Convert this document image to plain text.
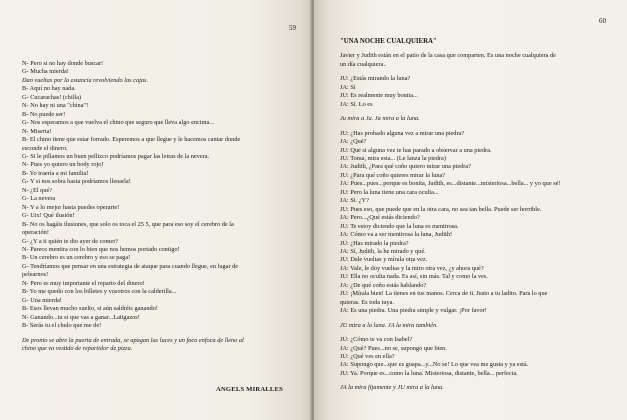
59
N- Pero si no hay donde buscar!
G- Mucha mierda!
Dan vueltas por la estancia revolviendo las cajas.
B- Aquí no hay nada.
G- Cucarachas! (chilla)
N- No hay ni una "china"!
B- No puede ser!
G- Nos esperamos a que vuelva el chino que seguro que lleva algo encima...
N- Miseria!
B- El chino tiene que estar forrado. Esperemos a que llegue y le hacemos cantar donde
esconde el dinero.
G- Si le pillamos un buen pellizco podríamos pagar las letras de la nevera.
N- Pues yo quiero un body rojo!
B- Yo traería a mi familia!
G- Y si nos sobra hasta podríamos llenarla!
N- ¿El qué?
G- La nevera
N- Y a lo mejor hasta puedes operarte!
G- Uix! Qué ilusión!
B- No os hagáis ilusiones, que solo os toca el 25 5, que para eso soy el cerebro de la
operación!
G- ¿Y a ti quién te dio ayer de comer?
N- Parece mentira con lo bien que nos hemos portado contigo!
B- Un cerebro es un cerebro y eso se paga!
G- Tendríamos que pensar en una estrategia de ataque para cuando llegue, en lugar de
pelearnos!
N- Pero es muy importante el reparto del dinero!
B- Yo me quedo con los billetes y vosotros con la calderilla...
G- Una mierda!
B- Esos llevan mucho suelto, si aún saldréis ganando!
N- Ganando...tu si que vas a ganar...Latigazos!
B- Serás tu el chulo que me de!
De pronto se abre la puerta de entrada, se apagan las luces y un foco enfoca de lleno al
chino que va vestido de repartidor de pizza.
ANGELS MIRALLES
60
"UNA NOCHE CUALQUIERA"
Javier y Judith están en el patio de la casa que comparten. Es una noche cualquiera de
un día cualquiera..
JU: ¿Estás mirando la luna?
JA: Sí
JU: Es realmente muy bonita...
JA: Sí. Lo es
Ju mira a Ja. Ja mira a la luna.
JU: ¿Has probado alguna vez a mirar una piedra?
JA: ¿Qué?
JU: Que si alguna vez te has parado a observar a una piedra.
JU: Toma, mira esta... (Le lanza la piedra)
JA: Judith, ¿Para qué coño quiero mirar una piedra?
JU: ¿Para qué coño quieres mirar la luna?
JA: Pues...pues...porque es bonita, Judith, es...distante...misteriosa...bella... y yo que sé!
JU: Pero la luna tiene una cara oculta...
JA: Si. ¿Y?
JU: Pues eso, que puede que en la otra cara, no sea tan bella. Puede ser horrible.
JA: Pero...¿Qué estás diciendo?
JU: Te estoy diciendo que la luna es mentirosa.
JA: Cómo va a ser mentirosa la luna, Judith!
JU: ¿Has mirado la piedra?
JA: Sí, Judith, la he mirado y qué.
JU: Dale vueltas y mírala otra vez.
JA: Vale, le doy vueltas y la miro otra vez, ¿y ahora qué?
JU: Ella no oculta nada. Es así, sin más. Tal y como la ves.
JA: ¿De qué coño estás hablando?
JU: ¡Mírala bien! La tienes en tus manos. Cerca de ti. Justo a tu ladito. Para lo que
quieras. Es toda tuya.
JA: Es una piedra. Una piedra simple y vulgar. ¡Por favor!
JU mira a la luna. JA la mira también.
JU: ¿Cómo te va con Isabel?
JA: ¿Qué? Pues...no se, supongo que bien.
JU: ¿Qué ves en ella?
JA: Supongo que...que es guapa...y...No se! Lo que vea me gusta y ya está.
JU: Ya. Porque es...como la luna. Misteriosa, distante, bella... perfecta.
JA la mira fijamente y JU mira a la luna.
